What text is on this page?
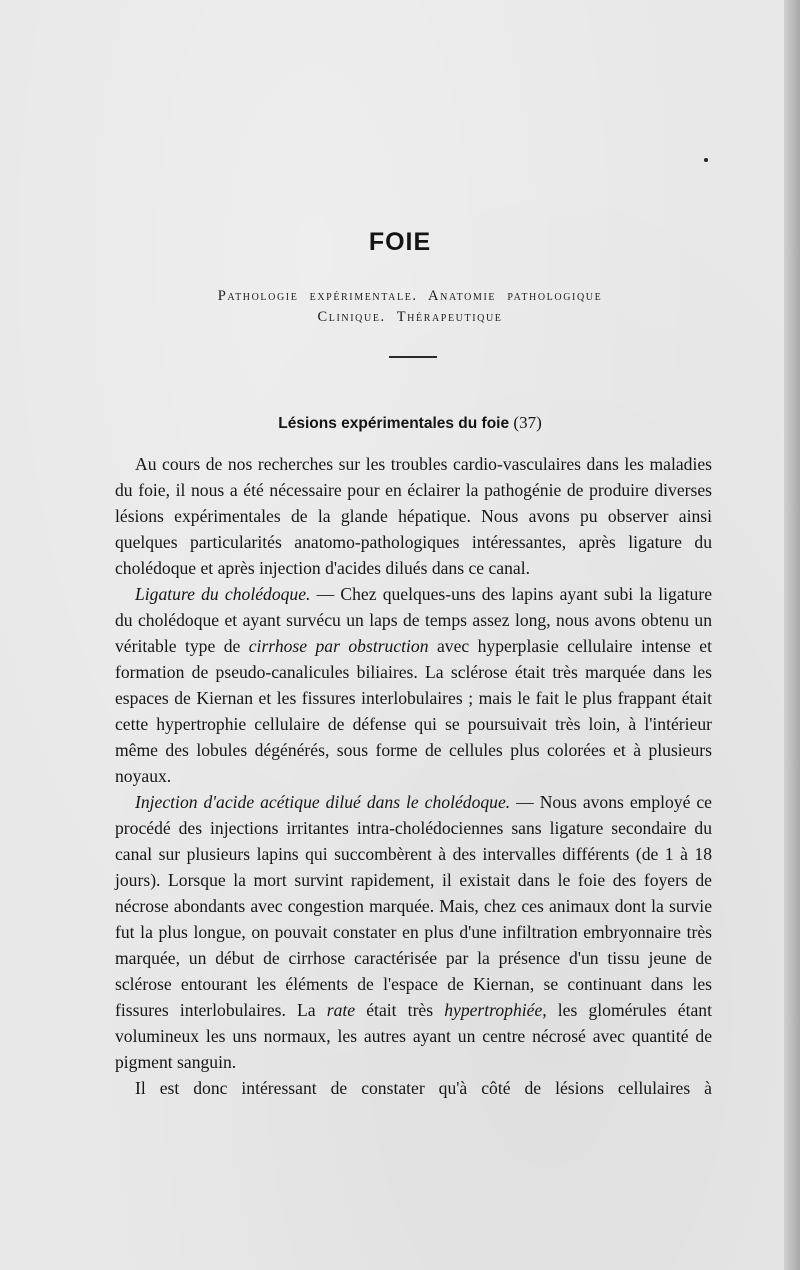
FOIE
Pathologie expérimentale. Anatomie pathologique
Clinique. Thérapeutique
Lésions expérimentales du foie (37)

Au cours de nos recherches sur les troubles cardio-vasculaires dans les maladies du foie, il nous a été nécessaire pour en éclairer la pathogénie de produire diverses lésions expérimentales de la glande hépatique. Nous avons pu observer ainsi quelques particularités anatomo-pathologiques intéressantes, après ligature du cholédoque et après injection d'acides dilués dans ce canal.

Ligature du cholédoque. — Chez quelques-uns des lapins ayant subi la ligature du cholédoque et ayant survécu un laps de temps assez long, nous avons obtenu un véritable type de cirrhose par obstruction avec hyperplasie cellulaire intense et formation de pseudo-canalicules biliaires. La sclérose était très marquée dans les espaces de Kiernan et les fissures interlobulaires ; mais le fait le plus frappant était cette hypertrophie cellulaire de défense qui se poursuivait très loin, à l'intérieur même des lobules dégénérés, sous forme de cellules plus colorées et à plusieurs noyaux.

Injection d'acide acétique dilué dans le cholédoque. — Nous avons employé ce procédé des injections irritantes intra-cholédociennes sans ligature secondaire du canal sur plusieurs lapins qui succombèrent à des intervalles différents (de 1 à 18 jours). Lorsque la mort survint rapidement, il existait dans le foie des foyers de nécrose abondants avec congestion marquée. Mais, chez ces animaux dont la survie fut la plus longue, on pouvait constater en plus d'une infiltration embryonnaire très marquée, un début de cirrhose caractérisée par la présence d'un tissu jeune de sclérose entourant les éléments de l'espace de Kiernan, se continuant dans les fissures interlobulaires. La rate était très hypertrophiée, les glomérules étant volumineux les uns normaux, les autres ayant un centre nécrosé avec quantité de pigment sanguin.

Il est donc intéressant de constater qu'à côté de lésions cellulaires à
